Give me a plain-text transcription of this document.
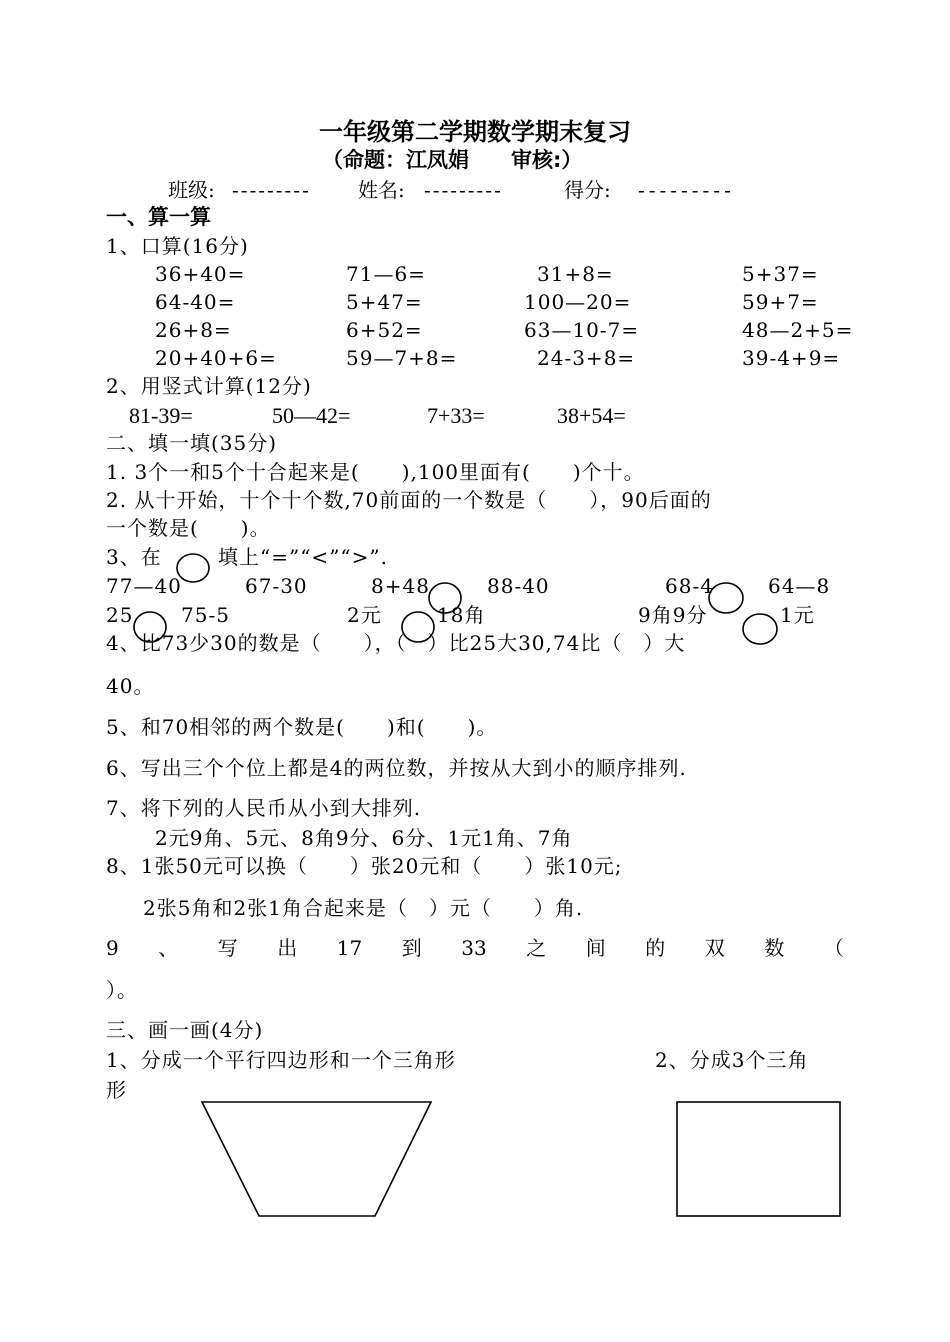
一年级第二学期数学期末复习
（命题：江凤娟　　审核:）
班级: --------- 姓名: ---------	得分: ---------
一、算一算
1、口算(16分)
36+40=	71—6=	31+8=	5+37=
64-40=	5+47=	100—20=	59+7=
26+8=	6+52=	63—10-7=	48—2+5=
20+40+6=	59—7+8=	24-3+8=	39-4+9=
2、用竖式计算(12分)
81-39=	50—42=	7+33=	38+54=
二、填一填(35分)
1. 3个一和5个十合起来是(　　),100里面有(　　)个十。
2. 从十开始，十个十个数,70前面的一个数是（　　），90后面的
一个数是(　　)。
3、在	填上“=”“<”“>”.
77—40	67-30	8+48	88-40	68-4	64—8
25 75-5	2元	18角	9角9分	1元
4、比73少30的数是（　　），（　）比25大30,74比（　）大
40。
5、和70相邻的两个数是(　　)和(　　)。
6、写出三个个位上都是4的两位数，并按从大到小的顺序排列.
7、将下列的人民币从小到大排列.
2元9角、5元、8角9分、6分、1元1角、7角
8、1张50元可以换（　　）张20元和（　　）张10元;
2张5角和2张1角合起来是（　）元（　　）角.
9 、 写 出 17 到 33 之 间 的 双 数 （
）。
三、画一画(4分)
1、分成一个平行四边形和一个三角形	2、分成3个三角
形
